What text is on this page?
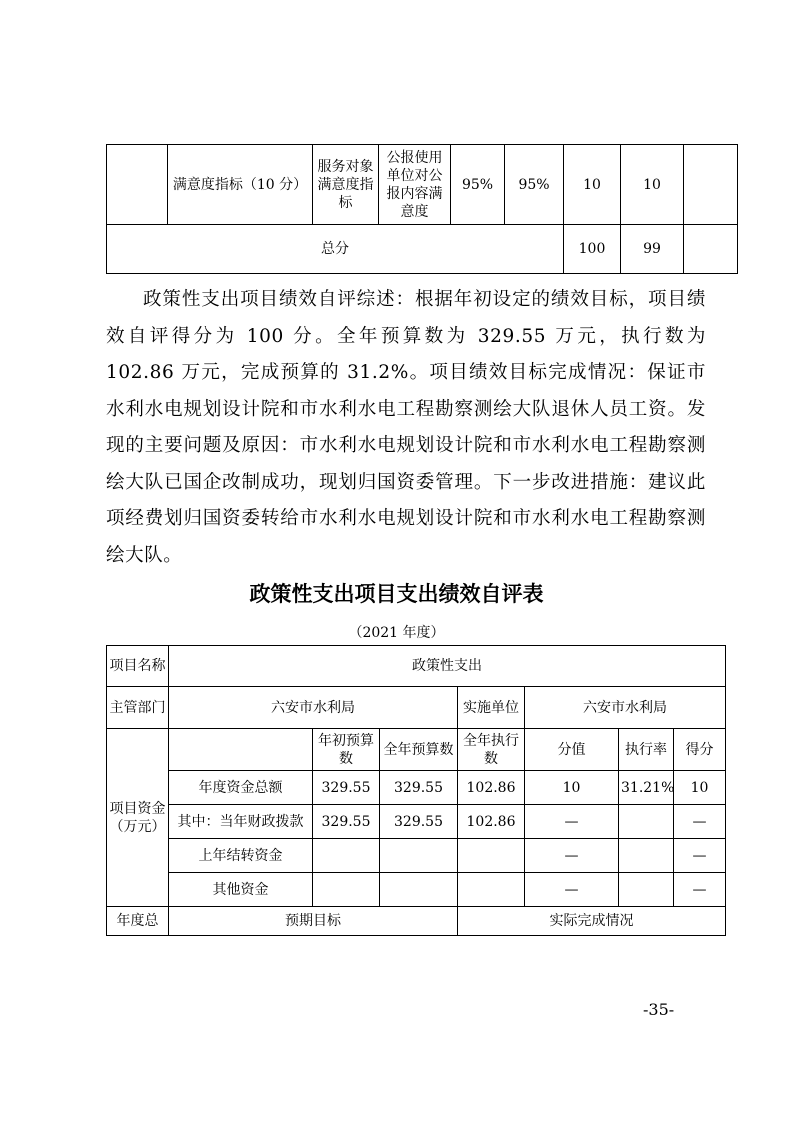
	满意度指标（10 分）	服务对象满意度指标	公报使用单位对公报内容满意度	95%	95%	10	10	
总分						100	99	

政策性支出项目绩效自评综述：根据年初设定的绩效目标，项目绩效自评得分为 100 分。全年预算数为 329.55 万元，执行数为 102.86 万元，完成预算的 31.2%。项目绩效目标完成情况：保证市水利水电规划设计院和市水利水电工程勘察测绘大队退休人员工资。发现的主要问题及原因：市水利水电规划设计院和市水利水电工程勘察测绘大队已国企改制成功，现划归国资委管理。下一步改进措施：建议此项经费划归国资委转给市水利水电规划设计院和市水利水电工程勘察测绘大队。

政策性支出项目支出绩效自评表
（2021 年度）
项目名称	政策性支出						
主管部门	六安市水利局			实施单位	六安市水利局		
项目资金（万元）		年初预算数	全年预算数	全年执行数	分值	执行率	得分
	年度资金总额	329.55	329.55	102.86	10	31.21%	10
	其中：当年财政拨款	329.55	329.55	102.86	—		—
	上年结转资金				—		—
	其他资金				—		—
年度总	预期目标			实际完成情况			
-35-
